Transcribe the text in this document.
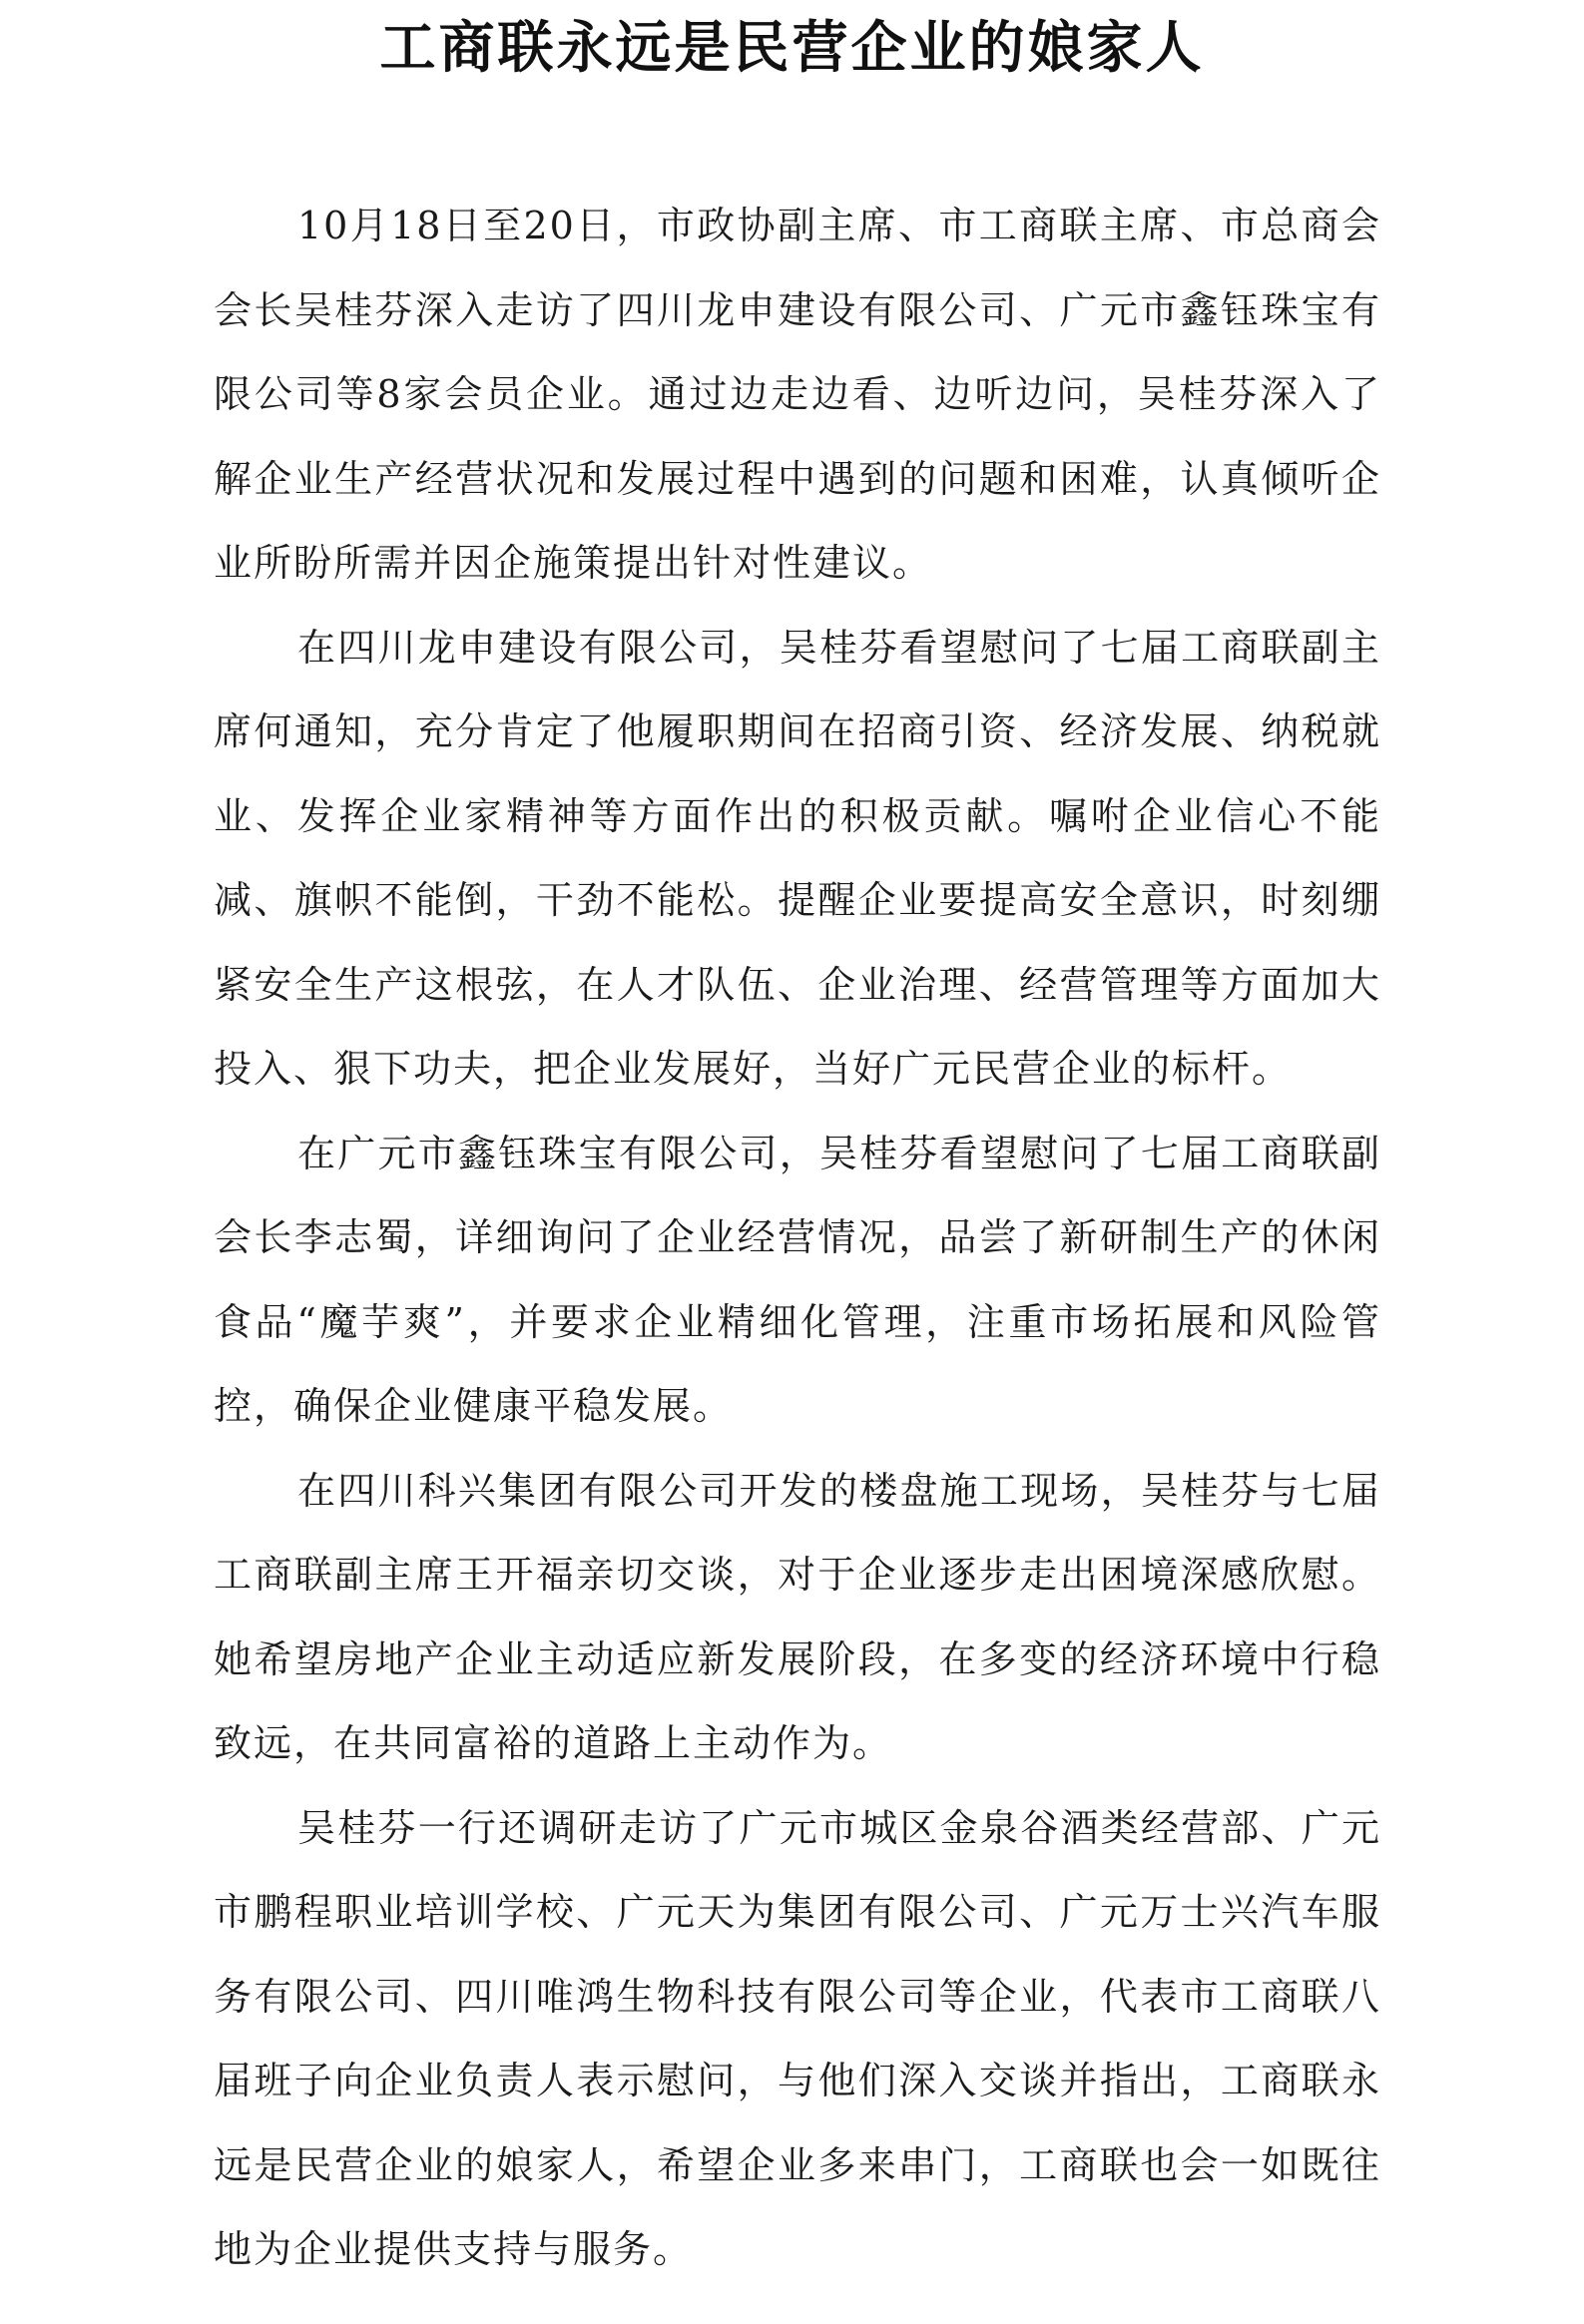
工商联永远是民营企业的娘家人

10月18日至20日，市政协副主席、市工商联主席、市总商会会长吴桂芬深入走访了四川龙申建设有限公司、广元市鑫钰珠宝有限公司等8家会员企业。通过边走边看、边听边问，吴桂芬深入了解企业生产经营状况和发展过程中遇到的问题和困难，认真倾听企业所盼所需并因企施策提出针对性建议。

在四川龙申建设有限公司，吴桂芬看望慰问了七届工商联副主席何通知，充分肯定了他履职期间在招商引资、经济发展、纳税就业、发挥企业家精神等方面作出的积极贡献。嘱咐企业信心不能减、旗帜不能倒，干劲不能松。提醒企业要提高安全意识，时刻绷紧安全生产这根弦，在人才队伍、企业治理、经营管理等方面加大投入、狠下功夫，把企业发展好，当好广元民营企业的标杆。

在广元市鑫钰珠宝有限公司，吴桂芬看望慰问了七届工商联副会长李志蜀，详细询问了企业经营情况，品尝了新研制生产的休闲食品“魔芋爽”，并要求企业精细化管理，注重市场拓展和风险管控，确保企业健康平稳发展。

在四川科兴集团有限公司开发的楼盘施工现场，吴桂芬与七届工商联副主席王开福亲切交谈，对于企业逐步走出困境深感欣慰。她希望房地产企业主动适应新发展阶段，在多变的经济环境中行稳致远，在共同富裕的道路上主动作为。

吴桂芬一行还调研走访了广元市城区金泉谷酒类经营部、广元市鹏程职业培训学校、广元天为集团有限公司、广元万士兴汽车服务有限公司、四川唯鸿生物科技有限公司等企业，代表市工商联八届班子向企业负责人表示慰问，与他们深入交谈并指出，工商联永远是民营企业的娘家人，希望企业多来串门，工商联也会一如既往地为企业提供支持与服务。
